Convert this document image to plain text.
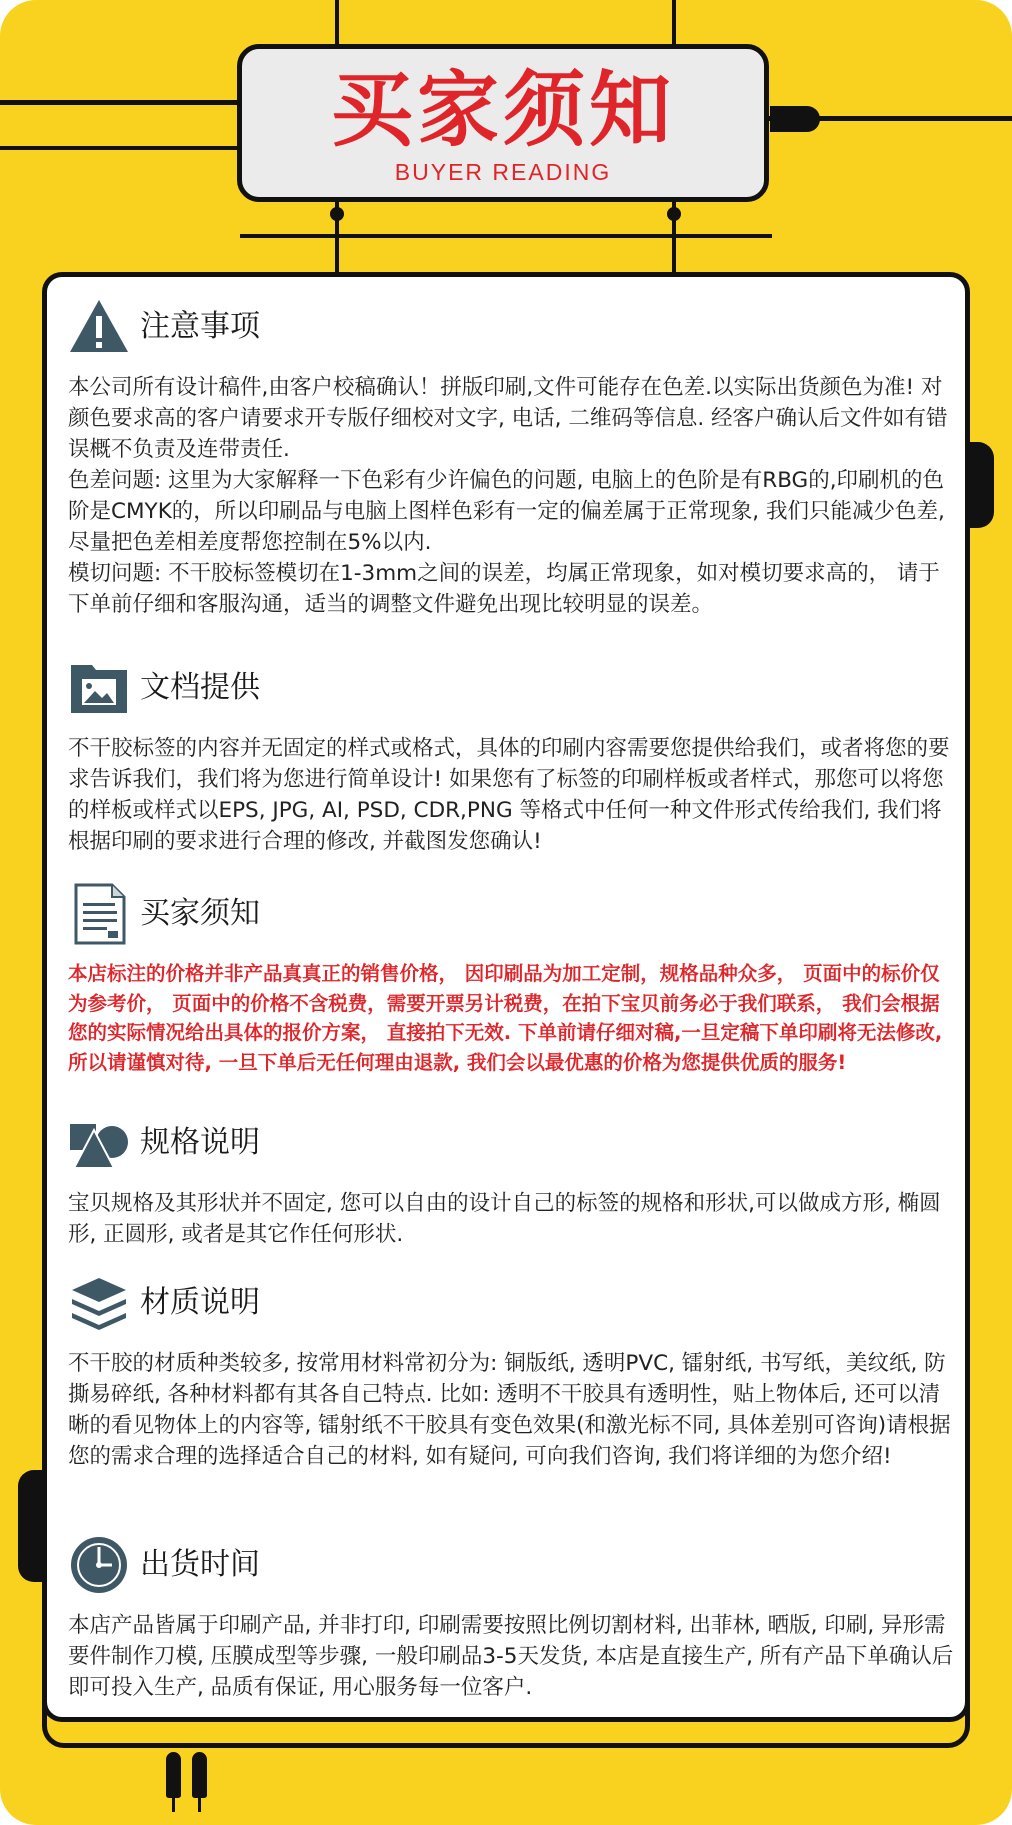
买家须知
BUYER READING
注意事项

本公司所有设计稿件,由客户校稿确认！拼版印刷,文件可能存在色差.以实际出货颜色为准! 对颜色要求高的客户请要求开专版仔细校对文字, 电话, 二维码等信息. 经客户确认后文件如有错误概不负责及连带责任.

色差问题: 这里为大家解释一下色彩有少许偏色的问题, 电脑上的色阶是有RBG的,印刷机的色阶是CMYK的，所以印刷品与电脑上图样色彩有一定的偏差属于正常现象, 我们只能减少色差, 尽量把色差相差度帮您控制在5%以内.

模切问题: 不干胶标签模切在1-3mm之间的误差，均属正常现象，如对模切要求高的， 请于下单前仔细和客服沟通，适当的调整文件避免出现比较明显的误差。

文档提供

不干胶标签的内容并无固定的样式或格式，具体的印刷内容需要您提供给我们，或者将您的要求告诉我们，我们将为您进行简单设计! 如果您有了标签的印刷样板或者样式，那您可以将您的样板或样式以EPS, JPG, AI, PSD, CDR,PNG 等格式中任何一种文件形式传给我们, 我们将根据印刷的要求进行合理的修改, 并截图发您确认!

买家须知

本店标注的价格并非产品真真正的销售价格， 因印刷品为加工定制，规格品种众多， 页面中的标价仅为参考价， 页面中的价格不含税费，需要开票另计税费，在拍下宝贝前务必于我们联系， 我们会根据您的实际情况给出具体的报价方案， 直接拍下无效. 下单前请仔细对稿,一旦定稿下单印刷将无法修改, 所以请谨慎对待, 一旦下单后无任何理由退款, 我们会以最优惠的价格为您提供优质的服务!

规格说明

宝贝规格及其形状并不固定, 您可以自由的设计自己的标签的规格和形状,可以做成方形, 椭圆形, 正圆形, 或者是其它作任何形状.

材质说明

不干胶的材质种类较多, 按常用材料常初分为: 铜版纸, 透明PVC, 镭射纸, 书写纸，美纹纸, 防撕易碎纸, 各种材料都有其各自己特点. 比如: 透明不干胶具有透明性，贴上物体后, 还可以清晰的看见物体上的内容等, 镭射纸不干胶具有变色效果(和激光标不同, 具体差别可咨询)请根据您的需求合理的选择适合自己的材料, 如有疑问, 可向我们咨询, 我们将详细的为您介绍!

出货时间

本店产品皆属于印刷产品, 并非打印, 印刷需要按照比例切割材料, 出菲林, 晒版, 印刷, 异形需要件制作刀模, 压膜成型等步骤, 一般印刷品3-5天发货, 本店是直接生产, 所有产品下单确认后即可投入生产, 品质有保证, 用心服务每一位客户.
